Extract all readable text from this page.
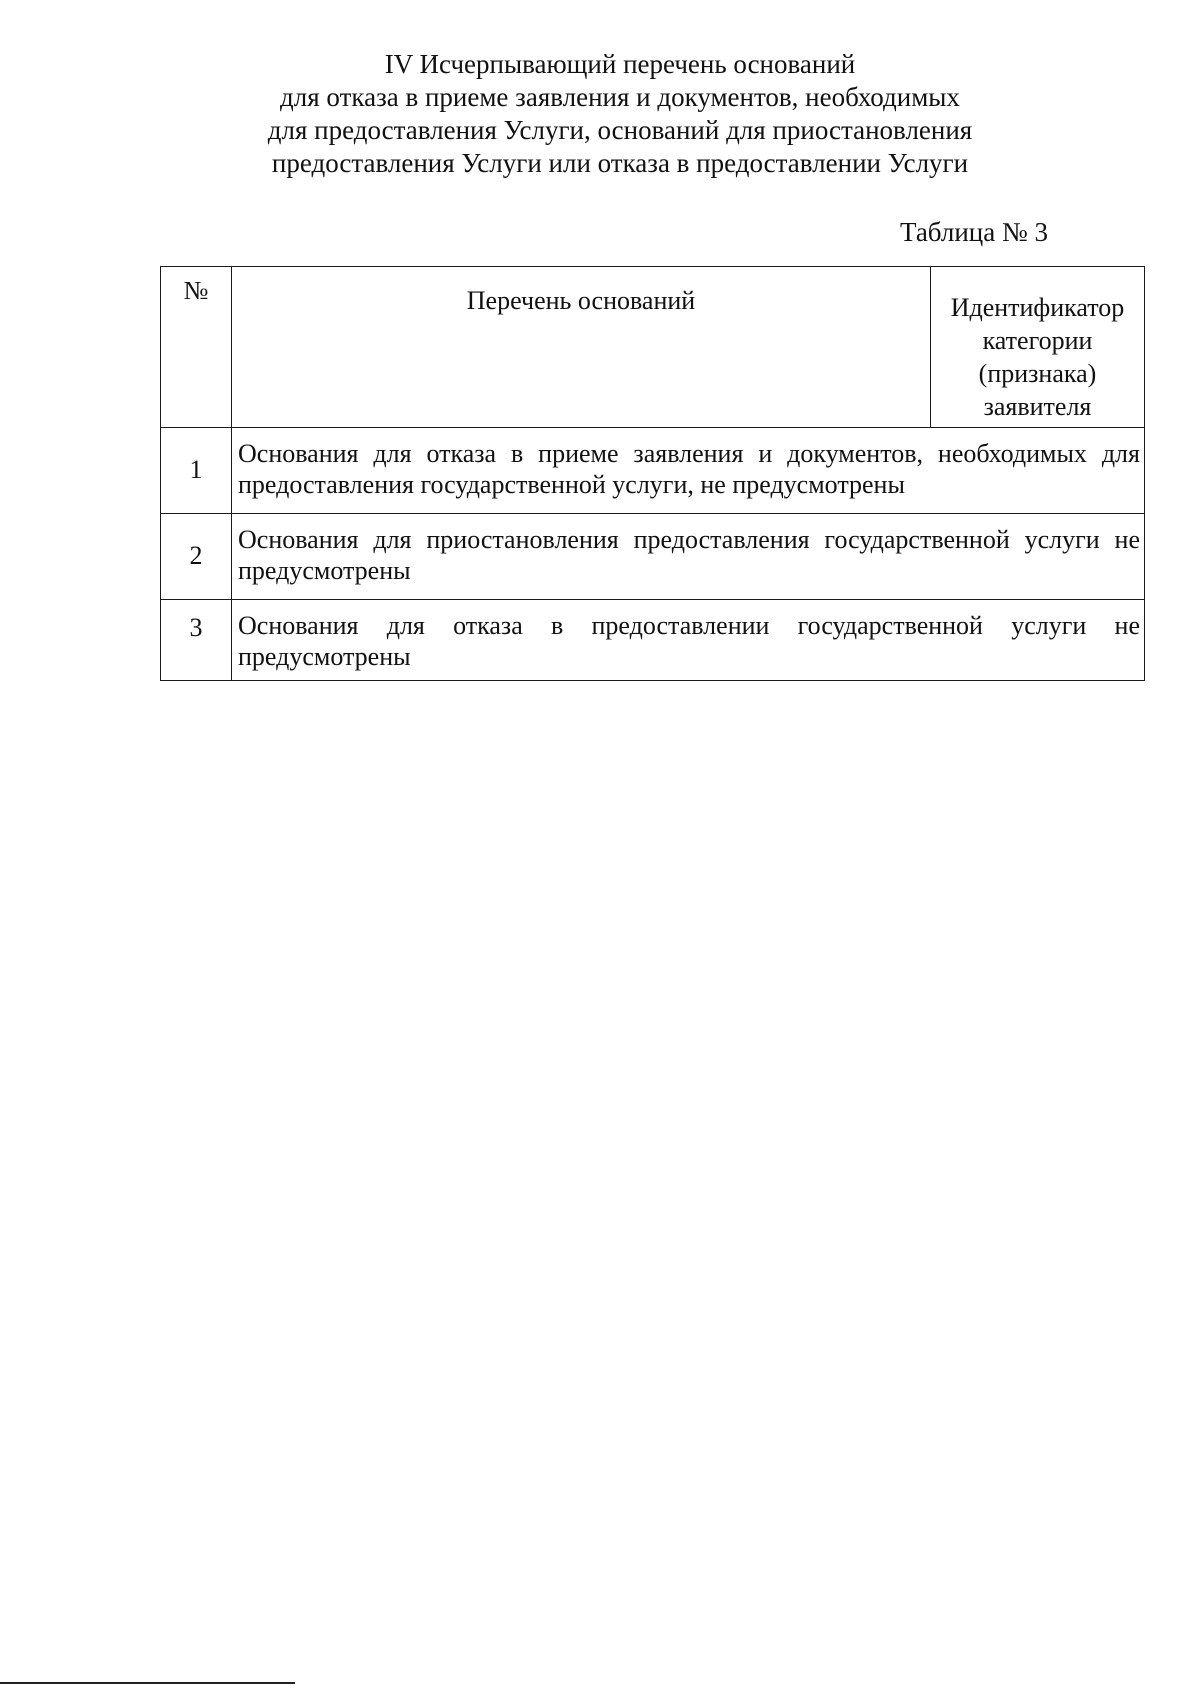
IV Исчерпывающий перечень оснований
для отказа в приеме заявления и документов, необходимых
для предоставления Услуги, оснований для приостановления
предоставления Услуги или отказа в предоставлении Услуги
Таблица № 3
№	Перечень оснований	Идентификатор категории (признака) заявителя
1	Основания для отказа в приеме заявления и документов, необходимых для предоставления государственной услуги, не предусмотрены	
2	Основания для приостановления предоставления государственной услуги не предусмотрены	
3	Основания для отказа в предоставлении государственной услуги не предусмотрены	
